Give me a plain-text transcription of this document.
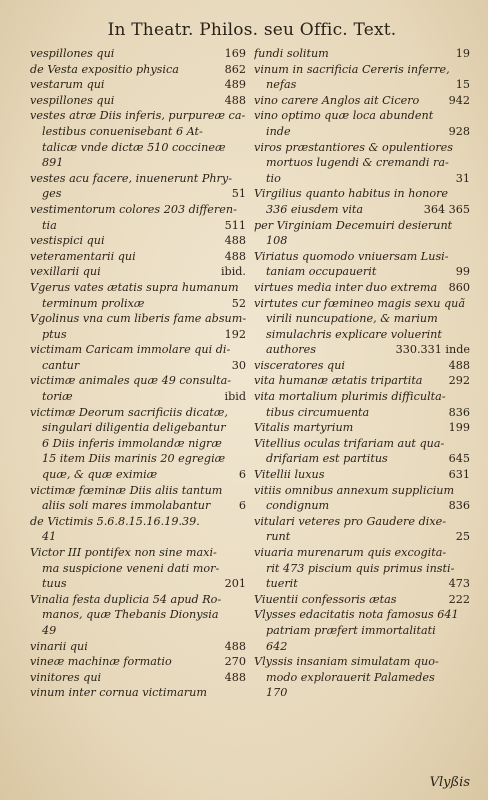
In Theatr. Philos. seu Offic. Text.
vespillones qui	169
de Vesta expositio physica	862
vestarum qui	489
vespillones qui	488
vestes atræ Diis inferis, purpureæ ca-
lestibus conuenisebant 6 At-
talicæ vnde dictæ 510 coccineæ
891
vestes acu facere, inuenerunt Phry-
ges	51
vestimentorum colores 203 differen-
tia	511
vestispici qui	488
veteramentarii qui	488
vexillarii qui	ibid.
Vgerus vates ætatis supra humanum
terminum prolixæ	52
Vgolinus vna cum liberis fame absum-
ptus	192
victimam Caricam immolare qui di-
cantur	30
victimæ animales quæ 49 consulta-
toriæ	ibid
victimæ Deorum sacrificiis dicatæ,
singulari diligentia deligebantur
6 Diis inferis immolandæ nigræ
15 item Diis marinis 20 egregiæ
quæ, & quæ eximiæ	6
victimæ fœminæ Diis aliis tantum
aliis soli mares immolabantur	6
de Victimis 5.6.8.15.16.19.39.
41
Victor III pontifex non sine maxi-
ma suspicione veneni dati mor-
tuus	201
Vinalia festa duplicia 54 apud Ro-
manos, quæ Thebanis Dionysia
49
vinarii qui	488
vineæ machinæ formatio	270
vinitores qui	488
vinum inter cornua victimarum
fundi solitum	19
vinum in sacrificia Cereris inferre,
nefas	15
vino carere Anglos ait Cicero	942
vino optimo quæ loca abundent
inde	928
viros præstantiores & opulentiores
mortuos lugendi & cremandi ra-
tio	31
Virgilius quanto habitus in honore
336 eiusdem vita	364 365
per Virginiam Decemuiri desierunt
108
Viriatus quomodo vniuersam Lusi-
taniam occupauerit	99
virtues media inter duo extrema	860
virtutes cur fœmineo magis sexu quã
virili nuncupatione, & marium
simulachris explicare voluerint
authores	330.331 inde
visceratores qui	488
vita humanæ ætatis tripartita	292
vita mortalium plurimis difficulta-
tibus circumuenta	836
Vitalis martyrium	199
Vitellius oculas trifariam aut qua-
drifariam est partitus	645
Vitellii luxus	631
vitiis omnibus annexum supplicium
condignum	836
vitulari veteres pro Gaudere dixe-
runt	25
viuaria murenarum quis excogita-
rit 473 piscium quis primus insti-
tuerit	473
Viuentii confessoris ætas	222
Vlysses edacitatis nota famosus 641
patriam præfert immortalitati
642
Vlyssis insaniam simulatam quo-
modo explorauerit Palamedes
170
Vlyßis
